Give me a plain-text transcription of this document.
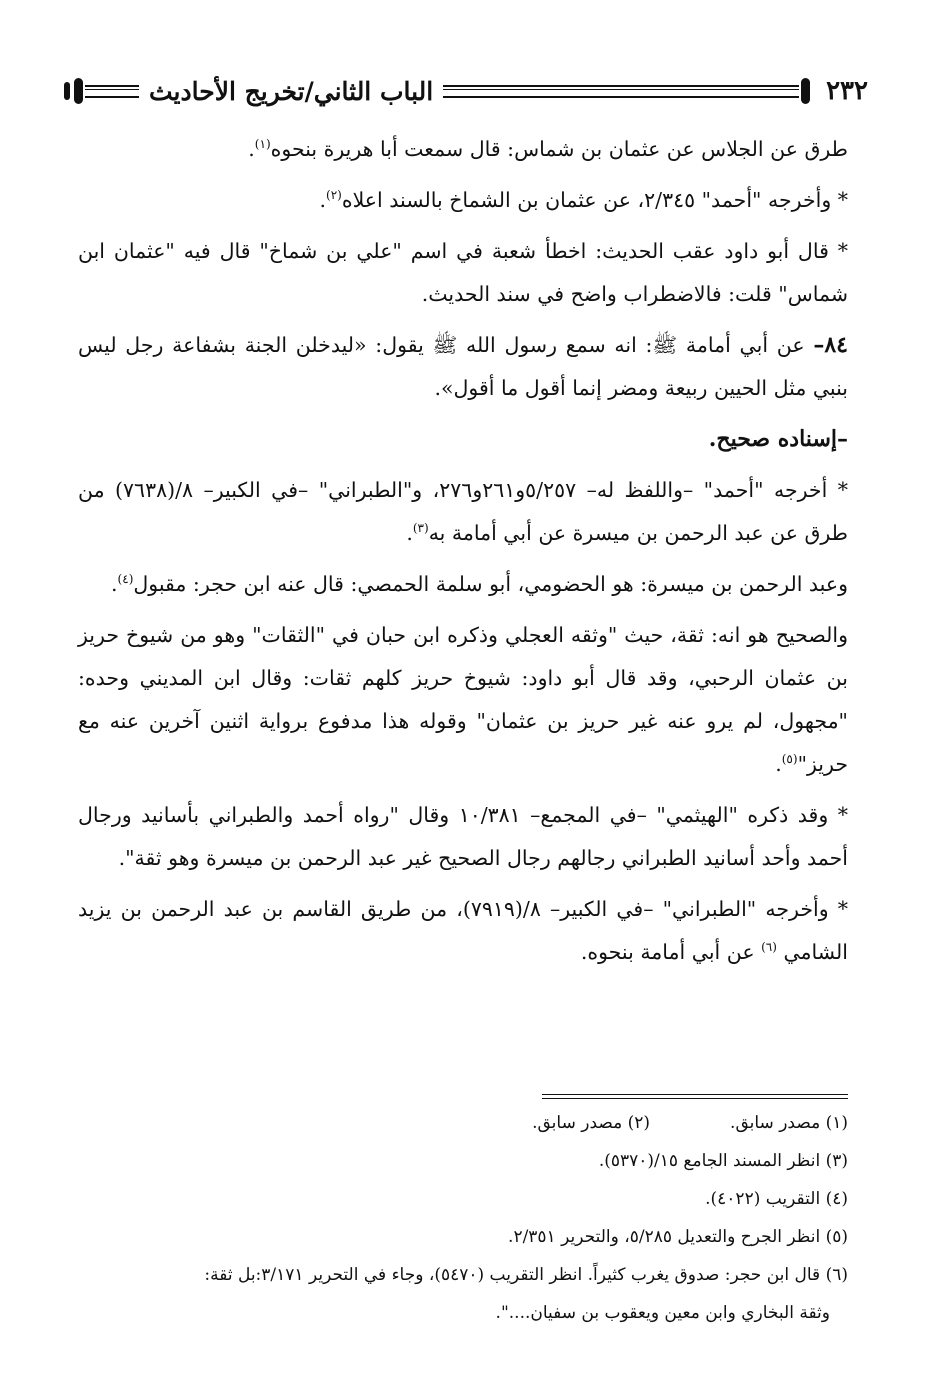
الباب الثاني/تخريج الأحاديث	٢٣٢

طرق عن الجلاس عن عثمان بن شماس: قال سمعت أبا هريرة بنحوه$^{(١)}$.

* وأخرجه "أحمد" ٢/٣٤٥، عن عثمان بن الشماخ بالسند اعلاه$^{(٢)}$.

* قال أبو داود عقب الحديث: اخطأ شعبة في اسم "علي بن شماخ" قال فيه "عثمان ابن شماس" قلت: فالاضطراب واضح في سند الحديث.

٨٤– عن أبي أمامة ﷺ: انه سمع رسول الله ﷺ يقول: «ليدخلن الجنة بشفاعة رجل ليس بنبي مثل الحيين ربيعة ومضر إنما أقول ما أقول».

–إسناده صحيح.

* أخرجه "أحمد" –واللفظ له– ٥/٢٥٧و٢٦١و٢٧٦، و"الطبراني" –في الكبير– ٨/(٧٦٣٨) من طرق عن عبد الرحمن بن ميسرة عن أبي أمامة به$^{(٣)}$.

وعبد الرحمن بن ميسرة: هو الحضومي، أبو سلمة الحمصي: قال عنه ابن حجر: مقبول$^{(٤)}$.

والصحيح هو انه: ثقة، حيث "وثقه العجلي وذكره ابن حبان في "الثقات" وهو من شيوخ حريز بن عثمان الرحبي، وقد قال أبو داود: شيوخ حريز كلهم ثقات: وقال ابن المديني وحده: "مجهول، لم يرو عنه غير حريز بن عثمان" وقوله هذا مدفوع برواية اثنين آخرين عنه مع حريز"$^{(٥)}$.

* وقد ذكره "الهيثمي" –في المجمع– ١٠/٣٨١ وقال "رواه أحمد والطبراني بأسانيد ورجال أحمد وأحد أسانيد الطبراني رجالهم رجال الصحيح غير عبد الرحمن بن ميسرة وهو ثقة".

* وأخرجه "الطبراني" –في الكبير– ٨/(٧٩١٩)، من طريق القاسم بن عبد الرحمن بن يزيد الشامي $^{(٦)}$ عن أبي أمامة بنحوه.

(١) مصدر سابق.
(٢) مصدر سابق.
(٣) انظر المسند الجامع ١٥/(٥٣٧٠).
(٤) التقريب (٤٠٢٢).
(٥) انظر الجرح والتعديل ٥/٢٨٥، والتحرير ٢/٣٥١.
(٦) قال ابن حجر: صدوق يغرب كثيراً. انظر التقريب (٥٤٧٠)، وجاء في التحرير ٣/١٧١:بل ثقة:
وثقة البخاري وابن معين ويعقوب بن سفيان....".
